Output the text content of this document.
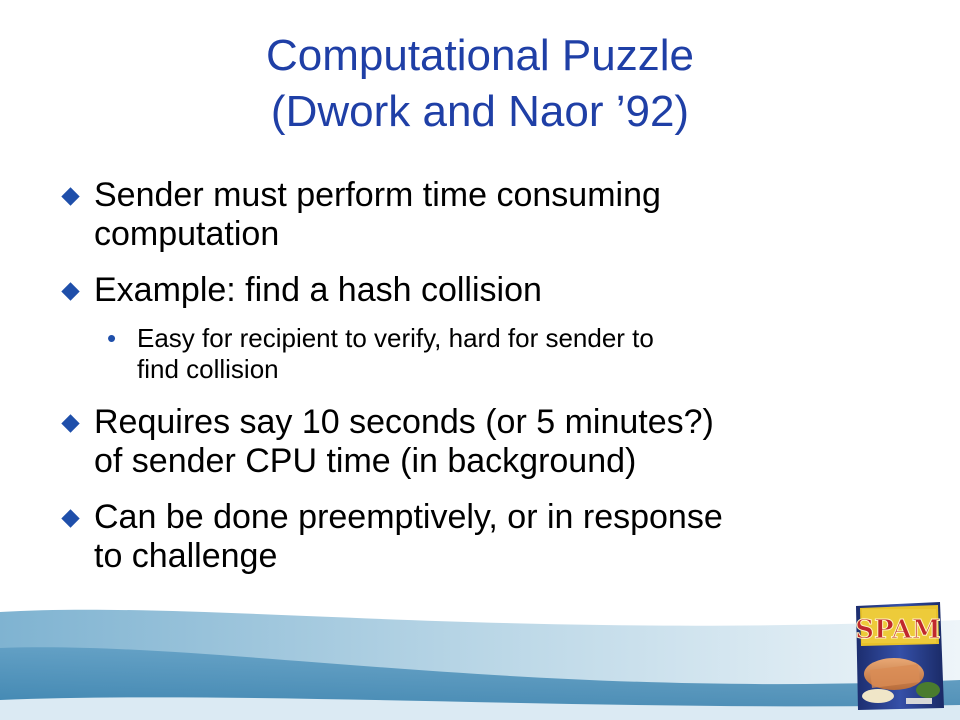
Computational Puzzle
(Dwork and Naor ’92)
Sender must perform time consuming
computation
Example: find a hash collision
• Easy for recipient to verify, hard for sender to
find collision
Requires say 10 seconds (or 5 minutes?)
of sender CPU time (in background)
Can be done preemptively, or in response
to challenge
SPAM
